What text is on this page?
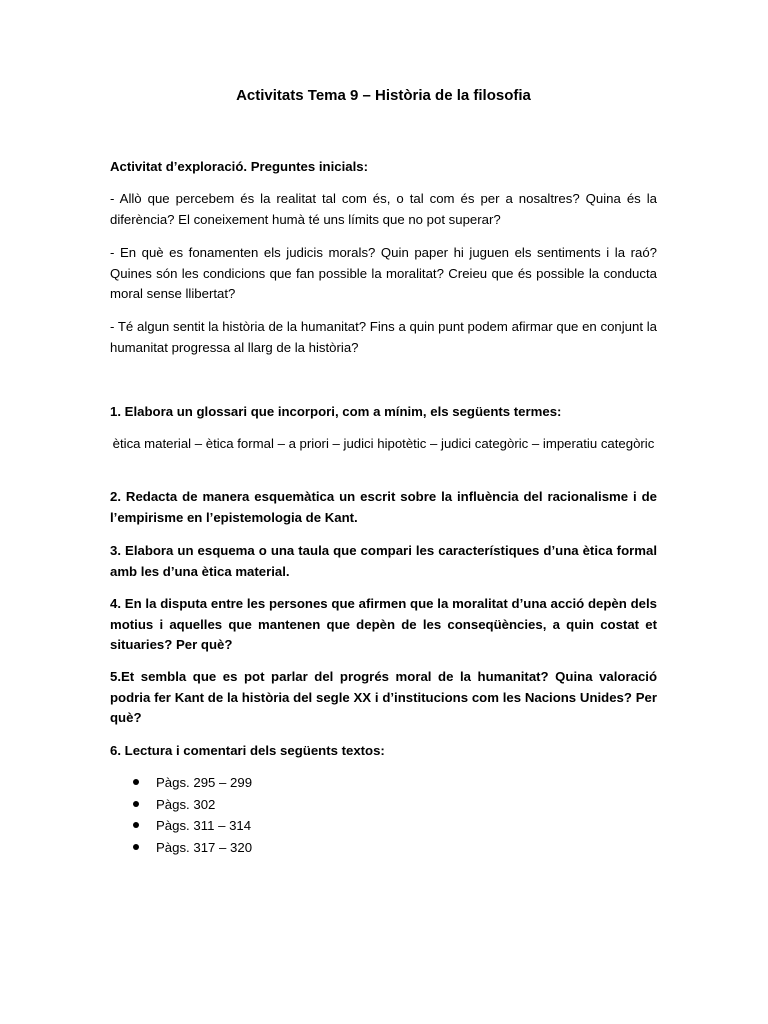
Activitats Tema 9 – Història de la filosofia

Activitat d’exploració. Preguntes inicials:

- Allò que percebem és la realitat tal com és, o tal com és per a nosaltres? Quina és la diferència? El coneixement humà té uns límits que no pot superar?

- En què es fonamenten els judicis morals? Quin paper hi juguen els sentiments i la raó? Quines són les condicions que fan possible la moralitat? Creieu que és possible la conducta moral sense llibertat?

- Té algun sentit la història de la humanitat? Fins a quin punt podem afirmar que en conjunt la humanitat progressa al llarg de la història?

1. Elabora un glossari que incorpori, com a mínim, els següents termes:

ètica material – ètica formal – a priori – judici hipotètic – judici categòric – imperatiu categòric

2. Redacta de manera esquemàtica un escrit sobre la influència del racionalisme i de l’empirisme en l’epistemologia de Kant.

3. Elabora un esquema o una taula que compari les característiques d’una ètica formal amb les d’una ètica material.

4. En la disputa entre les persones que afirmen que la moralitat d’una acció depèn dels motius i aquelles que mantenen que depèn de les conseqüències, a quin costat et situaries? Per què?

5.Et sembla que es pot parlar del progrés moral de la humanitat? Quina valoració podria fer Kant de la història del segle XX i d’institucions com les Nacions Unides? Per què?

6. Lectura i comentari dels següents textos:

Pàgs. 295 – 299
Pàgs. 302
Pàgs. 311 – 314
Pàgs. 317 – 320
